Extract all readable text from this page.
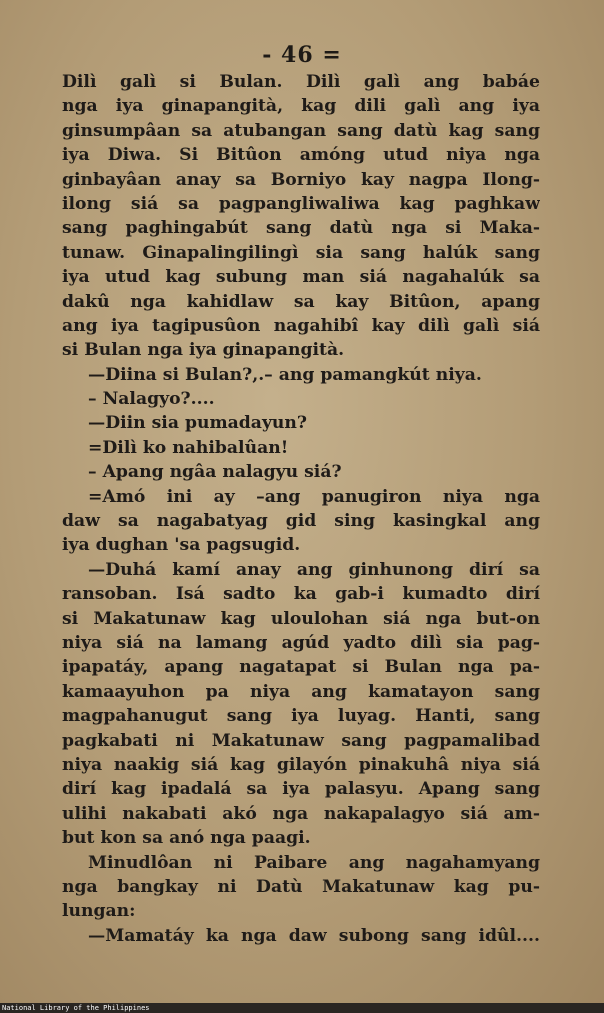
- 46 =
Dilì galì si Bulan. Dilì galì ang babáe
nga iya ginapangità, kag dili galì ang iya
ginsumpâan sa atubangan sang datù kag sang
iya Diwa. Si Bitûon amóng utud niya nga
ginbayâan anay sa Borniyo kay nagpa Ilong-
ilong siá sa pagpangliwaliwa kag paghkaw
sang paghingabút sang datù nga si Maka-
tunaw. Ginapalingilingì sia sang halúk sang
iya utud kag subung man siá nagahalúk sa
dakû nga kahidlaw sa kay Bitûon, apang
ang iya tagipusûon nagahibî kay dilì galì siá
si Bulan nga iya ginapangità.
—Diina si Bulan?,.– ang pamangkút niya.
– Nalagyo?....
—Diin sia pumadayun?
=Dilì ko nahibalûan!
– Apang ngâa nalagyu siá?
=Amó ini ay –ang panugiron niya nga
daw sa nagabatyag gid sing kasingkal ang
iya dughan 'sa pagsugid.
—Duhá kamí anay ang ginhunong dirí sa
ransoban. Isá sadto ka gab-i kumadto dirí
si Makatunaw kag uloulohan siá nga but-on
niya siá na lamang agúd yadto dilì sia pag-
ipapatáy, apang nagatapat si Bulan nga pa-
kamaayuhon pa niya ang kamatayon sang
magpahanugut sang iya luyag. Hanti, sang
pagkabati ni Makatunaw sang pagpamalibad
niya naakig siá kag gilayón pinakuhâ niya siá
dirí kag ipadalá sa iya palasyu. Apang sang
ulihi nakabati akó nga nakapalagyo siá am-
but kon sa anó nga paagi.
Minudlôan ni Paibare ang nagahamyang
nga bangkay ni Datù Makatunaw kag pu-
lungan:
—Mamatáy ka nga daw subong sang idûl....
National Library of the Philippines
